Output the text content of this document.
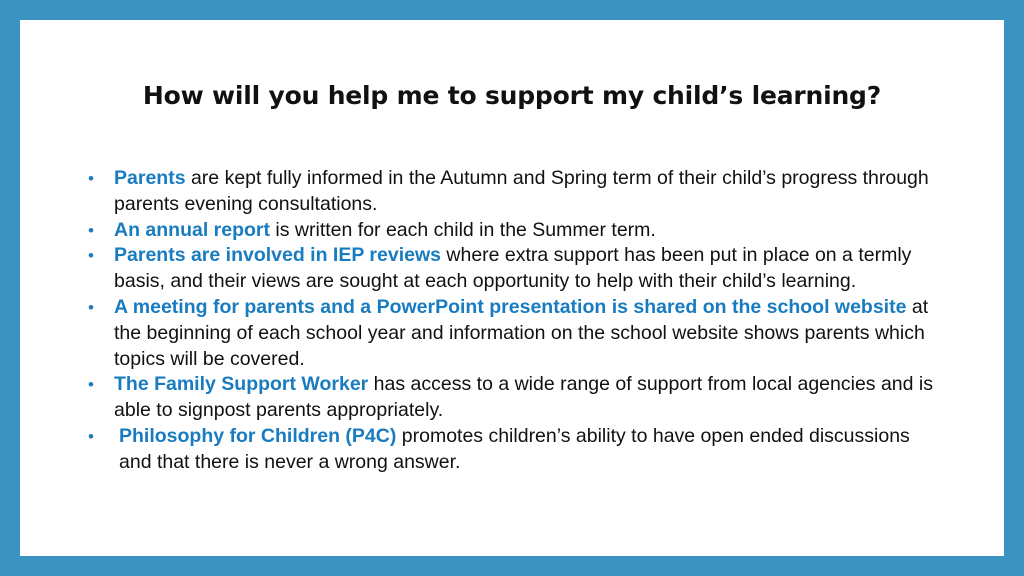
How will you help me to support my child’s learning?
• Parents are kept fully informed in the Autumn and Spring term of their child’s progress through parents evening consultations.
• An annual report is written for each child in the Summer term.
• Parents are involved in IEP reviews where extra support has been put in place on a termly basis, and their views are sought at each opportunity to help with their child’s learning.
• A meeting for parents and a PowerPoint presentation is shared on the school website at the beginning of each school year and information on the school website shows parents which topics will be covered.
• The Family Support Worker has access to a wide range of support from local agencies and is able to signpost parents appropriately.
• Philosophy for Children (P4C) promotes children’s ability to have open ended discussions and that there is never a wrong answer.
